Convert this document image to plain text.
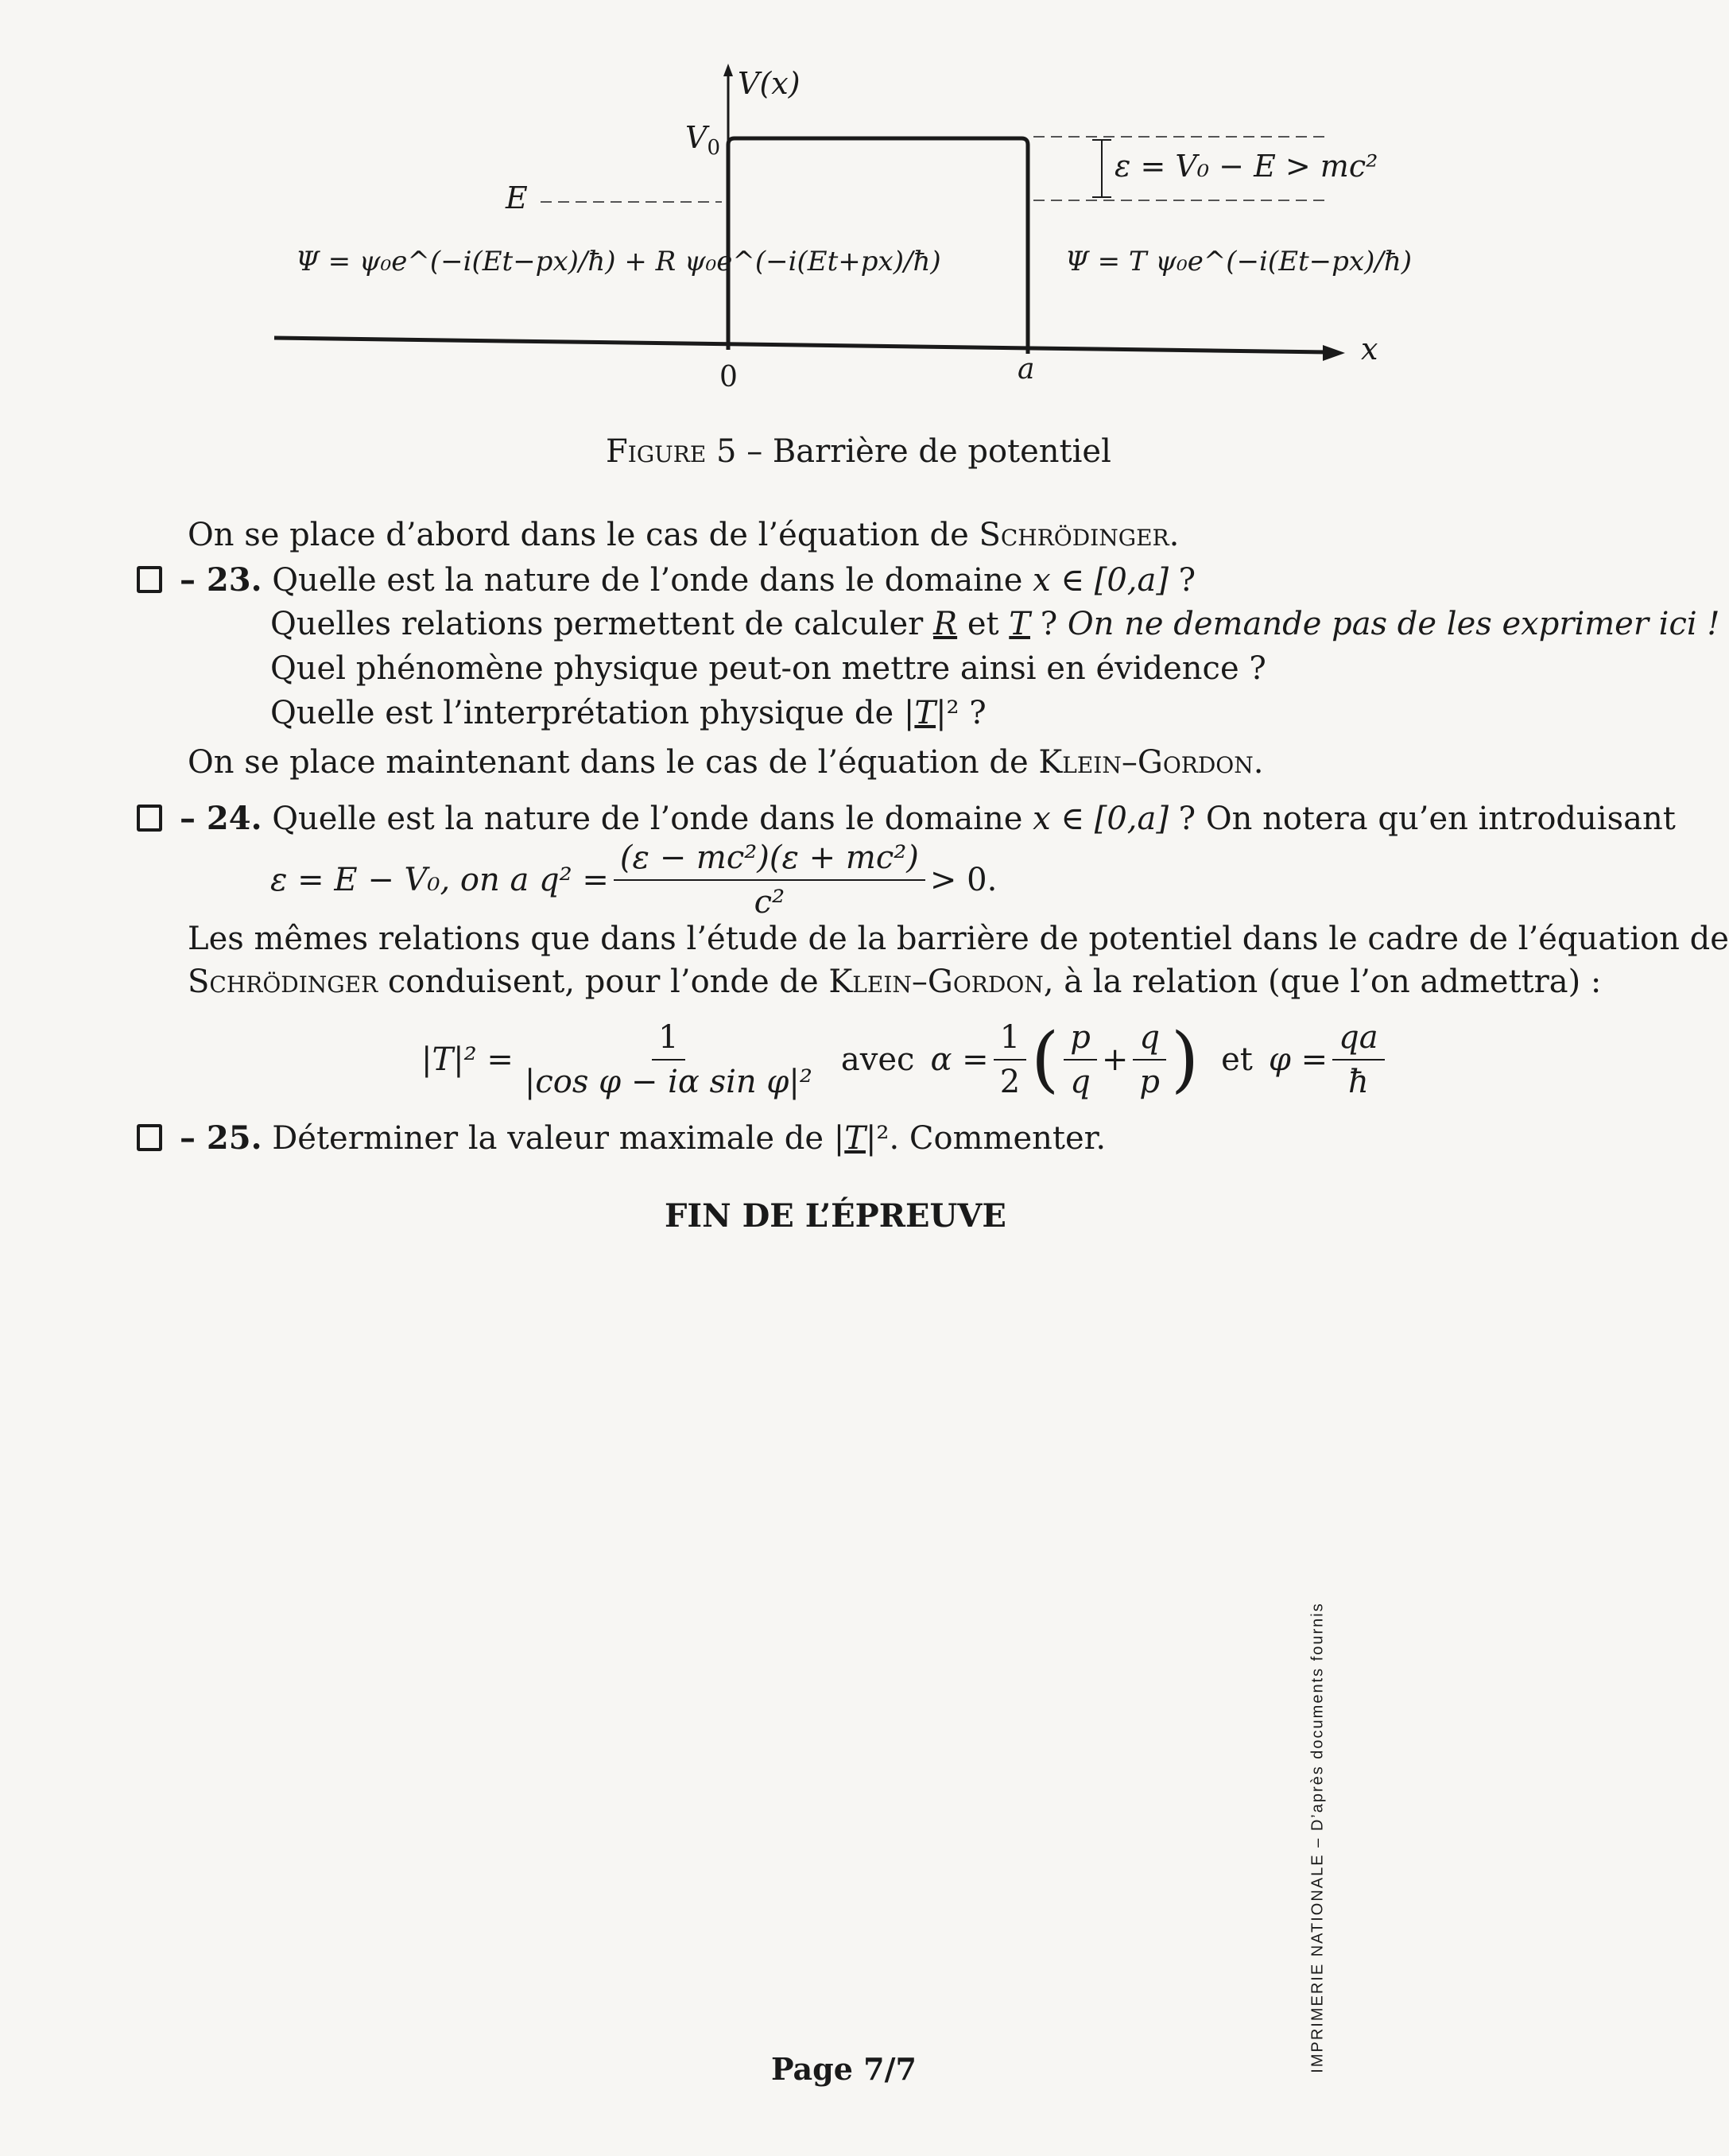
V(x)
$V_0$
E
0	a
x
ε = V₀ − E > mc²
Ψ = ψ₀e^(−i(Et−px)/ħ) + R ψ₀e^(−i(Et+px)/ħ)	Ψ = T ψ₀e^(−i(Et−px)/ħ)
Figure 5 – Barrière de potentiel
On se place d’abord dans le cas de l’équation de Schrödinger.
– 23. Quelle est la nature de l’onde dans le domaine x ∈ [0,a] ?
Quelles relations permettent de calculer R et T ? On ne demande pas de les exprimer ici !
Quel phénomène physique peut-on mettre ainsi en évidence ?
Quelle est l’interprétation physique de |T|² ?
On se place maintenant dans le cas de l’équation de Klein–Gordon.
– 24. Quelle est la nature de l’onde dans le domaine x ∈ [0,a] ? On notera qu’en introduisant
ε = E − V₀, on a $q^2 = \frac{\text{(ε − mc²)(ε + mc²)}}{\text{c²}} > 0$.
Les mêmes relations que dans l’étude de la barrière de potentiel dans le cadre de l’équation de
Schrödinger conduisent, pour l’onde de Klein–Gordon, à la relation (que l’on admettra) :
$|T|^2 = \frac{1}{\text{|cos φ − iα sin φ|²}}$ avec $\alpha = \frac{1}{2}$ ( $\frac{p}{q} + \frac{q}{p}$ ) et $\varphi = \frac{qa}{ħ}$
– 25. Déterminer la valeur maximale de |T|². Commenter.
FIN DE L’ÉPREUVE
IMPRIMERIE NATIONALE – D’après documents fournis
Page 7/7
